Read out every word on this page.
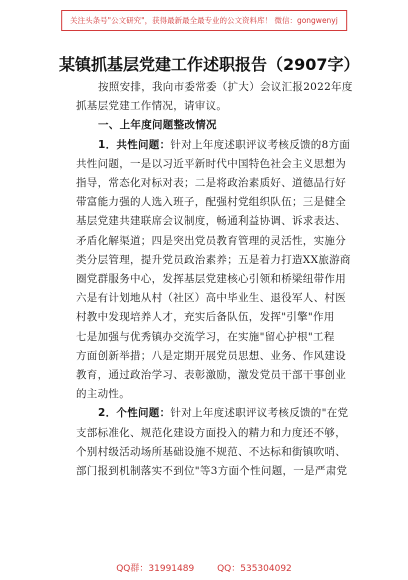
关注头条号"公文研究"，获得最新最全最专业的公文资料库！ 微信：gongwenyj
某镇抓基层党建工作述职报告（2907字）

按照安排，我向市委常委（扩大）会议汇报2022年度

抓基层党建工作情况，请审议。

一、上年度问题整改情况

1．共性问题：针对上年度述职评议考核反馈的8方面

共性问题，一是以习近平新时代中国特色社会主义思想为

指导，常态化对标对表；二是将政治素质好、道德品行好

带富能力强的人选入班子，配强村党组织队伍；三是健全

基层党建共建联席会议制度，畅通利益协调、诉求表达、

矛盾化解渠道；四是突出党员教育管理的灵活性，实施分

类分层管理，提升党员政治素养；五是着力打造XX旅游商

圈党群服务中心，发挥基层党建核心引领和桥梁纽带作用

六是有计划地从村（社区）高中毕业生、退役军人、村医

村教中发现培养人才，充实后备队伍，发挥"引擎"作用

七是加强与优秀镇办交流学习，在实施"留心护根"工程

方面创新举措；八是定期开展党员思想、业务、作风建设

教育，通过政治学习、表彰激励，激发党员干部干事创业

的主动性。

2．个性问题：针对上年度述职评议考核反馈的"在党

支部标准化、规范化建设方面投入的精力和力度还不够，

个别村级活动场所基础设施不规范、不达标和街镇吹哨、

部门报到机制落实不到位"等3方面个性问题，一是严肃党

QQ群：31991489	QQ：535304092
